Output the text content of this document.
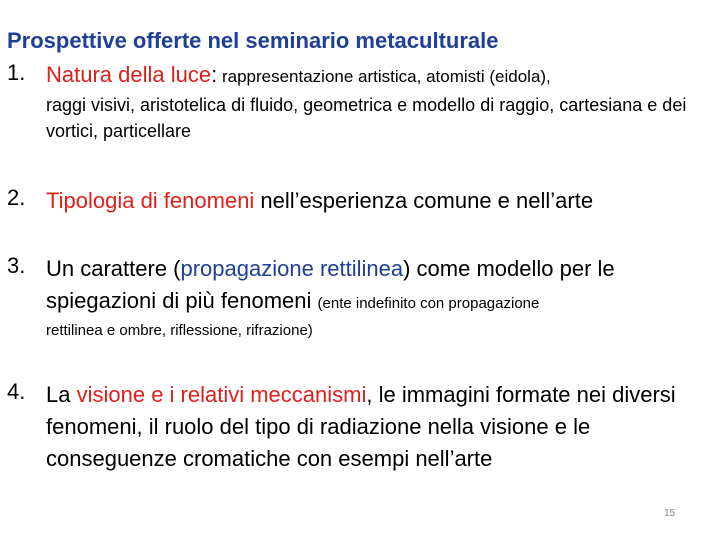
Prospettive offerte nel seminario metaculturale
1. Natura della luce: rappresentazione artistica, atomisti (eidola),
raggi visivi, aristotelica di fluido, geometrica e modello di raggio, cartesiana e dei vortici, particellare
2. Tipologia di fenomeni nell’esperienza comune e nell’arte
3. Un carattere (propagazione rettilinea) come modello per le spiegazioni di più fenomeni (ente indefinito con propagazione
rettilinea e ombre, riflessione, rifrazione)
4. La visione e i relativi meccanismi, le immagini formate nei diversi fenomeni, il ruolo del tipo di radiazione nella visione e le conseguenze cromatiche con esempi nell’arte
15
